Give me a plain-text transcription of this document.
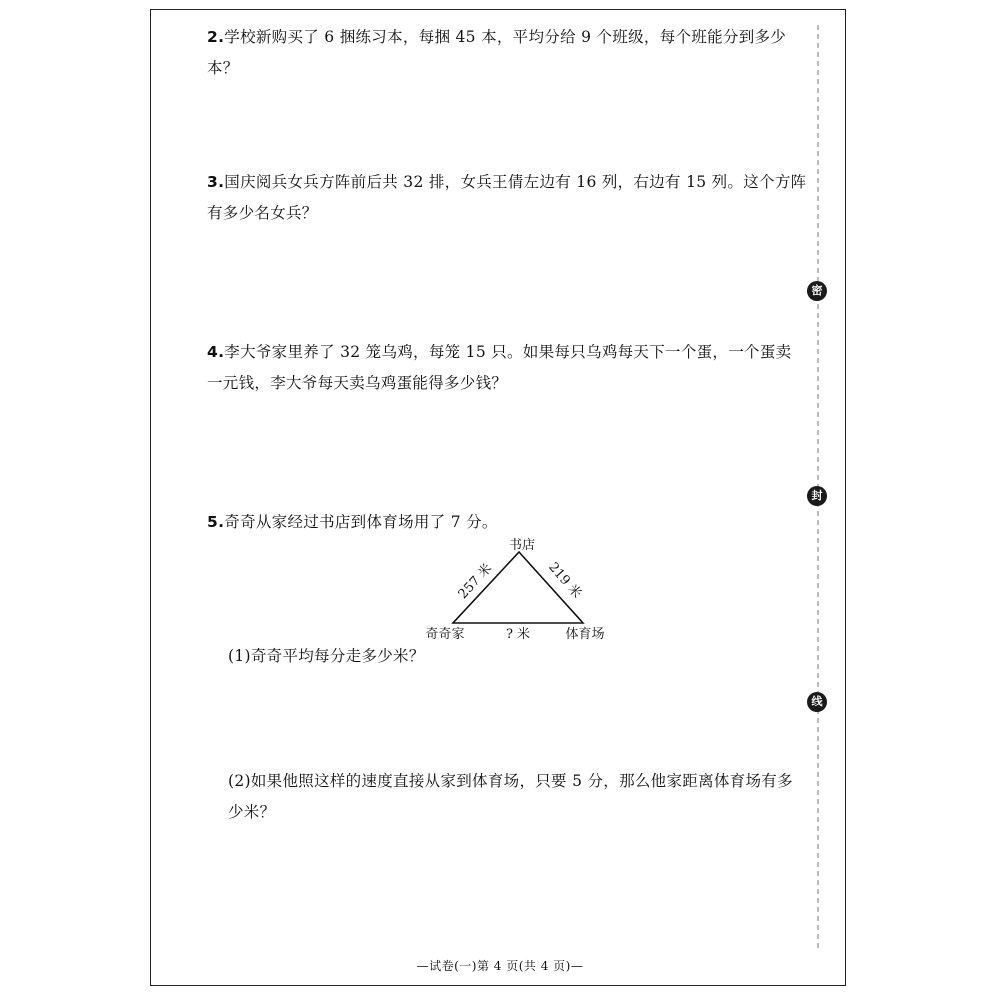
密
封
线

2.学校新购买了 6 捆练习本，每捆 45 本，平均分给 9 个班级，每个班能分到多少本？

3.国庆阅兵女兵方阵前后共 32 排，女兵王倩左边有 16 列，右边有 15 列。这个方阵有多少名女兵？

4.李大爷家里养了 32 笼乌鸡，每笼 15 只。如果每只乌鸡每天下一个蛋，一个蛋卖一元钱，李大爷每天卖乌鸡蛋能得多少钱？

5.奇奇从家经过书店到体育场用了 7 分。

书店
奇奇家	体育场
? 米
257 米	219 米

(1)奇奇平均每分走多少米？

(2)如果他照这样的速度直接从家到体育场，只要 5 分，那么他家距离体育场有多少米？

—试卷(一)第 4 页(共 4 页)—
